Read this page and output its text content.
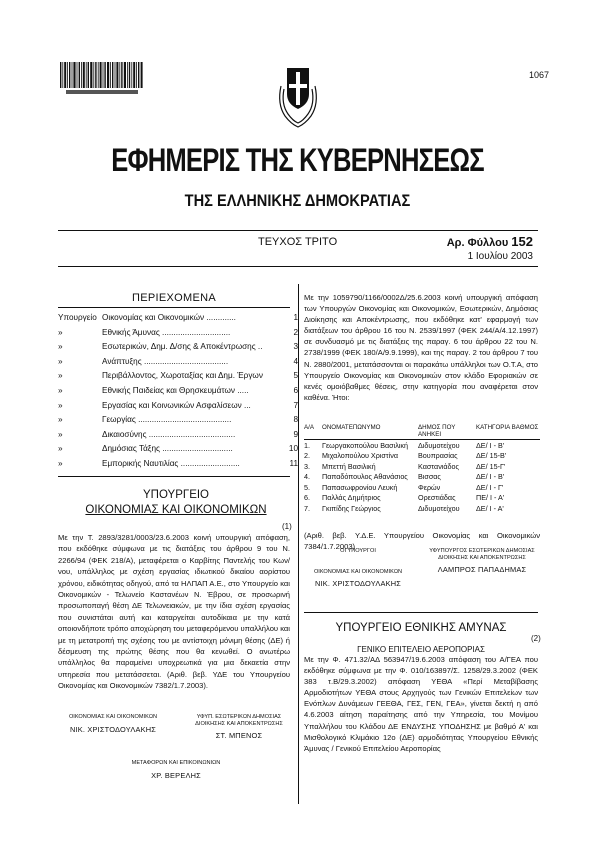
1067
ΕΦΗΜΕΡΙΣ ΤΗΣ ΚΥΒΕΡΝΗΣΕΩΣ
ΤΗΣ ΕΛΛΗΝΙΚΗΣ ΔΗΜΟΚΡΑΤΙΑΣ
ΤΕΥΧΟΣ ΤΡΙΤΟ	Αρ. Φύλλου 152
1 Ιουλίου 2003
ΠΕΡΙΕΧΟΜΕΝΑ
Υπουργείο Οικονομίας και Οικονομικών .............	1
»	Εθνικής Άμυνας ..............................	2
»	Εσωτερικών, Δημ. Δ/σης & Αποκέντρωσης ..	3
»	Ανάπτυξης .....................................	4
»	Περιβάλλοντος, Χωροταξίας και Δημ. Έργων	5
»	Εθνικής Παιδείας και Θρησκευμάτων .....	6
»	Εργασίας και Κοινωνικών Ασφαλίσεων ...	7
»	Γεωργίας .........................................	8
»	Δικαιοσύνης ......................................	9
»	Δημόσιας Τάξης ...............................	10
»	Εμπορικής Ναυτιλίας ..........................	11
ΥΠΟΥΡΓΕΙΟ
ΟΙΚΟΝΟΜΙΑΣ ΚΑΙ ΟΙΚΟΝΟΜΙΚΩΝ
(1)
Με την Τ. 2893/3281/0003/23.6.2003 κοινή υπουργική απόφαση, που εκδόθηκε σύμφωνα με τις διατάξεις του άρθρου 9 του Ν. 2266/94 (ΦΕΚ 218/Α), μεταφέρεται ο Καρβίτης Παντελής του Κων/νου, υπάλληλος με σχέση εργασίας ιδιωτικού δικαίου αορίστου χρόνου, ειδικότητας οδηγού, από τα ΗΛΠΑΠ Α.Ε., στο Υπουργείο και Οικονομικών - Τελωνείο Καστανέων Ν. Έβρου, σε προσωρινή προσωποπαγή θέση ΔΕ Τελωνειακών, με την ίδια σχέση εργασίας που συνιστάται αυτή και καταργείται αυτοδίκαια με την κατά οποιονδήποτε τρόπο αποχώρηση του μεταφερόμενου υπαλλήλου και με τη μετατροπή της σχέσης του με αντίστοιχη μόνιμη θέσης (ΔΕ) ή δέσμευση της πρώτης θέσης που θα κενωθεί. Ο ανωτέρω υπάλληλος θα παραμείνει υποχρεωτικά για μια δεκαετία στην υπηρεσία που μετατάσσεται. (Αριθ. βεβ. ΥΔΕ του Υπουργείου Οικονομίας και Οικονομικών 7382/1.7.2003).
ΟΙΚΟΝΟΜΙΑΣ ΚΑΙ ΟΙΚΟΝΟΜΙΚΩΝ
ΝΙΚ. ΧΡΙΣΤΟΔΟΥΛΑΚΗΣ
ΥΦΥΠ. ΕΣΩΤΕΡΙΚΩΝ ΔΗΜΟΣΙΑΣ ΔΙΟΙΚΗΣΗΣ ΚΑΙ ΑΠΟΚΕΝΤΡΩΣΗΣ
ΣΤ. ΜΠΕΝΟΣ
ΜΕΤΑΦΟΡΩΝ ΚΑΙ ΕΠΙΚΟΙΝΩΝΙΩΝ
ΧΡ. ΒΕΡΕΛΗΣ
Με την 1059790/1166/0002Δ/25.6.2003 κοινή υπουργική απόφαση των Υπουργών Οικονομίας και Οικονομικών, Εσωτερικών, Δημόσιας Διοίκησης και Αποκέντρωσης, που εκδόθηκε κατ' εφαρμογή των διατάξεων του άρθρου 16 του Ν. 2539/1997 (ΦΕΚ 244/Α/4.12.1997) σε συνδυασμό με τις διατάξεις της παραγ. 6 του άρθρου 22 του Ν. 2738/1999 (ΦΕΚ 180/Α/9.9.1999), και της παραγ. 2 του άρθρου 7 του Ν. 2880/2001, μετατάσσονται οι παρακάτω υπάλληλοι των Ο.Τ.Α, στο Υπουργείο Οικονομίας και Οικονομικών στον κλάδο Εφοριακών σε κενές ομοιόβαθμες θέσεις, στην κατηγορία που αναφέρεται στον καθένα. Ήτοι:
Α/Α	ΟΝΟΜΑΤΕΠΩΝΥΜΟ	ΔΗΜΟΣ ΠΟΥ ΑΝΗΚΕΙ	ΚΑΤΗΓΟΡΙΑ ΒΑΘΜΟΣ
1.	Γεωργακοπούλου Βασιλική	Διδυμοτείχου	ΔΕ/ Ι - Β'
2.	Μιχαλοπούλου Χριστίνα	Βουπρασίας	ΔΕ/ 15-Β'
3.	Μπεττή Βασιλική	Καστανιάδος	ΔΕ/ 15-Γ'
4.	Παπαδόπουλος Αθανάσιος	Βισσας	ΔΕ/ Ι - Β'
5.	Παπασωφρονίου Λευκή	Φερών	ΔΕ/ Ι - Γ'
6.	Παλλάς Δημήτριος	Ορεστιάδας	ΠΕ/ Ι - Α'
7.	Γκιπίδης Γεώργιος	Διδυμοτείχου	ΔΕ/ Ι - Α'
(Αριθ. βεβ. Υ.Δ.Ε. Υπουργείου Οικονομίας και Οικονομικών 7384/1.7.2003)
ΟΙ ΥΠΟΥΡΓΟΙ
ΟΙΚΟΝΟΜΙΑΣ ΚΑΙ ΟΙΚΟΝΟΜΙΚΩΝ
ΝΙΚ. ΧΡΙΣΤΟΔΟΥΛΑΚΗΣ
ΥΦΥΠΟΥΡΓΟΣ ΕΣΩΤΕΡΙΚΩΝ ΔΗΜΟΣΙΑΣ ΔΙΟΙΚΗΣΗΣ ΚΑΙ ΑΠΟΚΕΝΤΡΩΣΗΣ
ΛΑΜΠΡΟΣ ΠΑΠΑΔΗΜΑΣ
ΥΠΟΥΡΓΕΙΟ ΕΘΝΙΚΗΣ ΑΜΥΝΑΣ
(2)
ΓΕΝΙΚΟ ΕΠΙΤΕΛΕΙΟ ΑΕΡΟΠΟΡΙΑΣ
Με την Φ. 471.32/ΑΔ 563947/19.6.2003 απόφαση του Α/ΓΕΑ που εκδόθηκε σύμφωνα με την Φ. 010/163897/Σ. 1258/29.3.2002 (ΦΕΚ 383 τ.Β/29.3.2002) απόφαση ΥΕΘΑ «Περί Μεταβίβασης Αρμοδιοτήτων ΥΕΘΑ στους Αρχηγούς των Γενικών Επιτελείων των Ενόπλων Δυνάμεων ΓΕΕΘΑ, ΓΕΣ, ΓΕΝ, ΓΕΑ», γίνεται δεκτή η από 4.6.2003 αίτηση παραίτησης από την Υπηρεσία, του Μονίμου Υπαλλήλου του Κλάδου ΔΕ ΕΝΔΥΣΗΣ ΥΠΟΔΗΣΗΣ με βαθμό Α' και Μισθολογικό Κλιμάκιο 12ο (ΔΕ) αρμοδιότητας Υπουργείου Εθνικής Άμυνας / Γενικού Επιτελείου Αεροπορίας
